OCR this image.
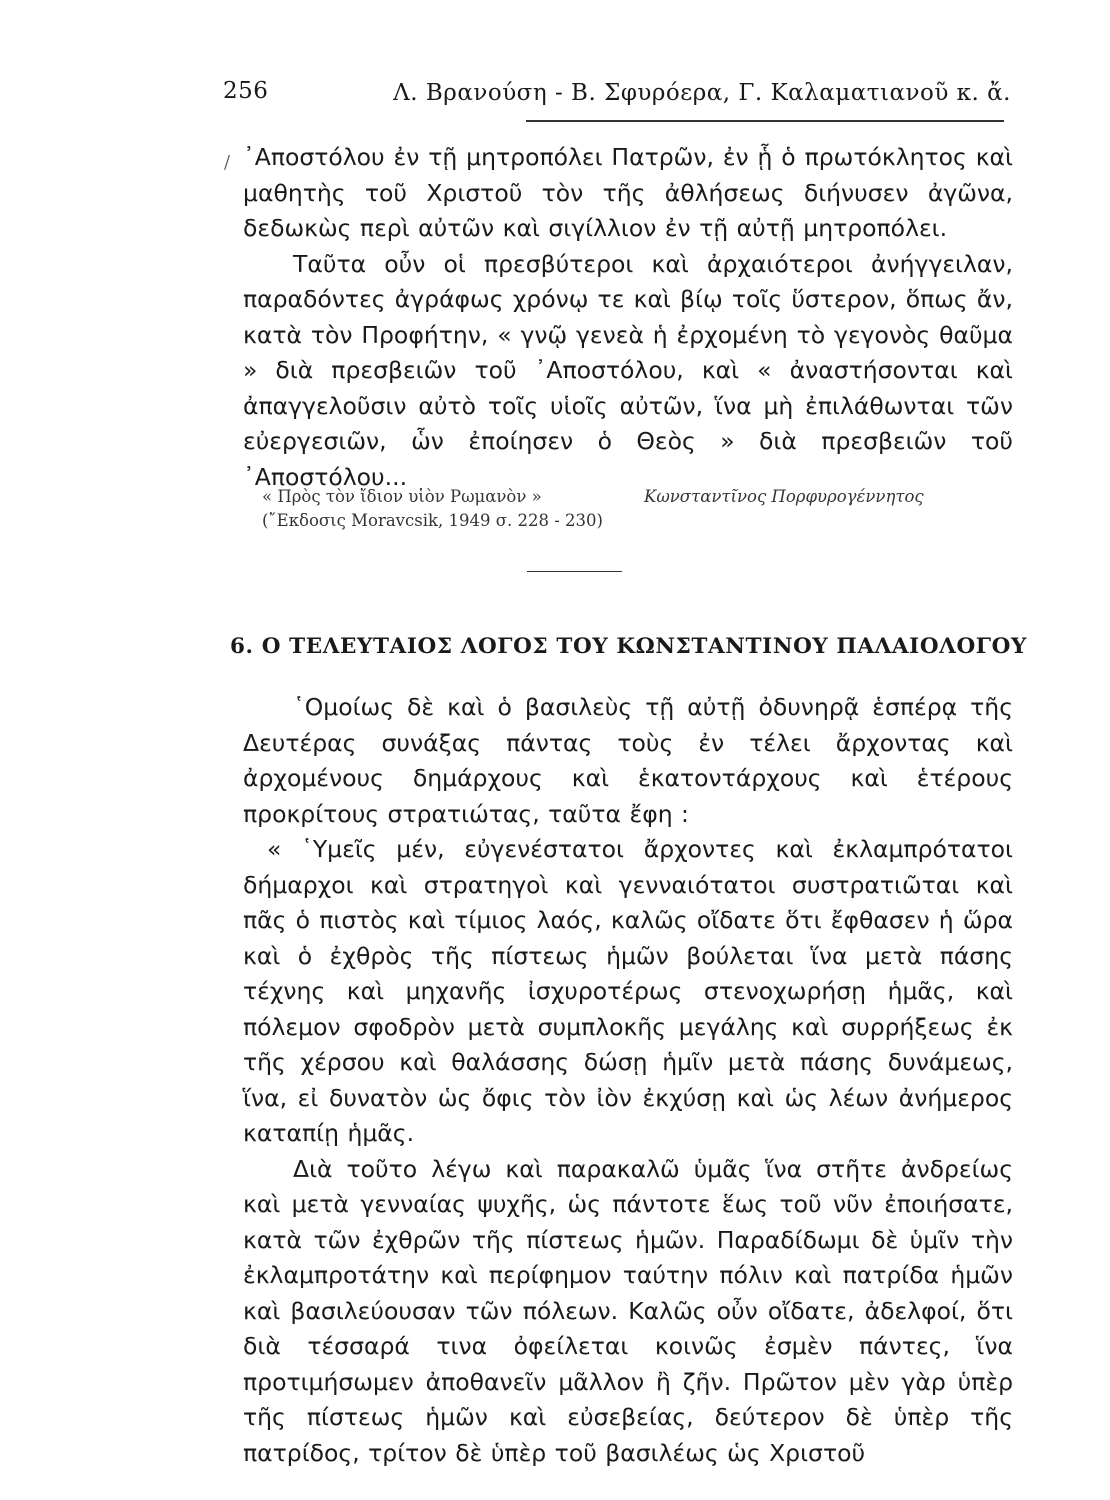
256	Λ. Βρανούση - Β. Σφυρόερα, Γ. Καλαματιανοῦ κ. ἄ.
/ ᾿Αποστόλου ἐν τῇ μητροπόλει Πατρῶν, ἐν ᾗ ὁ πρωτόκλητος καὶ μαθητὴς τοῦ Χριστοῦ τὸν τῆς ἀθλήσεως διήνυσεν ἀγῶνα, δεδωκὼς περὶ αὐτῶν καὶ σιγίλλιον ἐν τῇ αὐτῇ μητροπόλει.

Ταῦτα οὖν οἱ πρεσβύτεροι καὶ ἀρχαιότεροι ἀνήγγειλαν, παραδόντες ἀγράφως χρόνῳ τε καὶ βίῳ τοῖς ὕστερον, ὅπως ἄν, κατὰ τὸν Προφήτην, « γνῷ γενεὰ ἡ ἐρχομένη τὸ γεγονὸς θαῦμα » διὰ πρεσβειῶν τοῦ ᾿Αποστόλου, καὶ « ἀναστήσονται καὶ ἀπαγγελοῦσιν αὐτὸ τοῖς υἱοῖς αὐτῶν, ἵνα μὴ ἐπιλάθωνται τῶν εὐεργεσιῶν, ὧν ἐποίησεν ὁ Θεὸς » διὰ πρεσβειῶν τοῦ ᾿Αποστόλου...

« Πρὸς τὸν ἴδιον υἱὸν Ρωμανὸν »	Κωνσταντῖνος Πορφυρογέννητος
(῎Εκδοσις Moravcsik, 1949 σ. 228 - 230)
6. Ο ΤΕΛΕΥΤΑΙΟΣ ΛΟΓΟΣ ΤΟΥ ΚΩΝΣΤΑΝΤΙΝΟΥ ΠΑΛΑΙΟΛΟΓΟΥ

῾Ομοίως δὲ καὶ ὁ βασιλεὺς τῇ αὐτῇ ὀδυνηρᾷ ἑσπέρᾳ τῆς Δευτέρας συνάξας πάντας τοὺς ἐν τέλει ἄρχοντας καὶ ἀρχομένους δημάρχους καὶ ἑκατοντάρχους καὶ ἑτέρους προκρίτους στρατιώτας, ταῦτα ἔφη :

« ῾Υμεῖς μέν, εὐγενέστατοι ἄρχοντες καὶ ἐκλαμπρότατοι δήμαρχοι καὶ στρατηγοὶ καὶ γενναιότατοι συστρατιῶται καὶ πᾶς ὁ πιστὸς καὶ τίμιος λαός, καλῶς οἴδατε ὅτι ἔφθασεν ἡ ὥρα καὶ ὁ ἐχθρὸς τῆς πίστεως ἡμῶν βούλεται ἵνα μετὰ πάσης τέχνης καὶ μηχανῆς ἰσχυροτέρως στενοχωρήσῃ ἡμᾶς, καὶ πόλεμον σφοδρὸν μετὰ συμπλοκῆς μεγάλης καὶ συρρήξεως ἐκ τῆς χέρσου καὶ θαλάσσης δώσῃ ἡμῖν μετὰ πάσης δυνάμεως, ἵνα, εἰ δυνατὸν ὡς ὄφις τὸν ἰὸν ἐκχύσῃ καὶ ὡς λέων ἀνήμερος καταπίῃ ἡμᾶς.

Διὰ τοῦτο λέγω καὶ παρακαλῶ ὑμᾶς ἵνα στῆτε ἀνδρείως καὶ μετὰ γενναίας ψυχῆς, ὡς πάντοτε ἕως τοῦ νῦν ἐποιήσατε, κατὰ τῶν ἐχθρῶν τῆς πίστεως ἡμῶν. Παραδίδωμι δὲ ὑμῖν τὴν ἐκλαμπροτάτην καὶ περίφημον ταύτην πόλιν καὶ πατρίδα ἡμῶν καὶ βασιλεύουσαν τῶν πόλεων. Καλῶς οὖν οἴδατε, ἀδελφοί, ὅτι διὰ τέσσαρά τινα ὀφείλεται κοινῶς ἐσμὲν πάντες, ἵνα προτιμήσωμεν ἀποθανεῖν μᾶλλον ἢ ζῆν. Πρῶτον μὲν γὰρ ὑπὲρ τῆς πίστεως ἡμῶν καὶ εὐσεβείας, δεύτερον δὲ ὑπὲρ τῆς πατρίδος, τρίτον δὲ ὑπὲρ τοῦ βασιλέως ὡς Χριστοῦ
